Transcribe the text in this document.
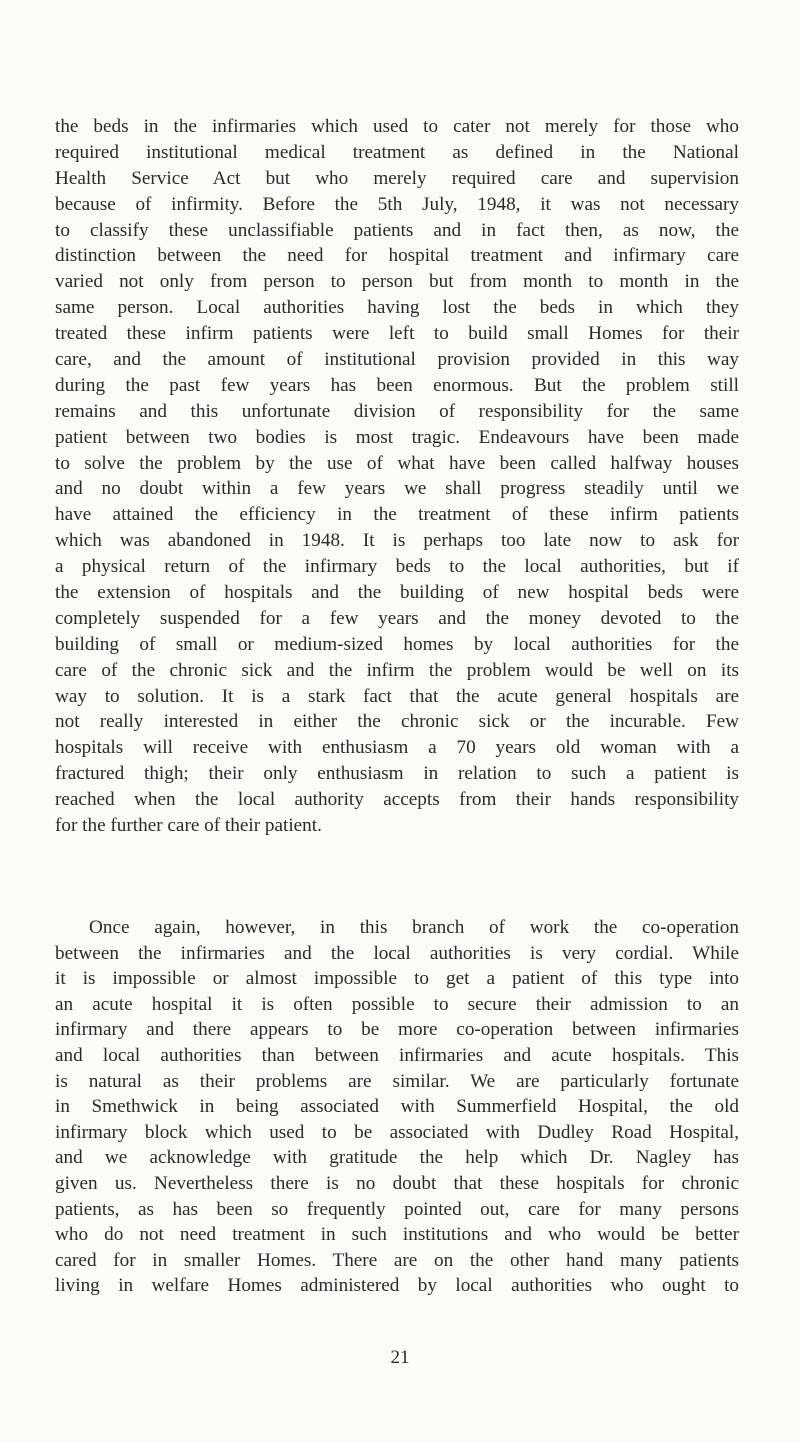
the beds in the infirmaries which used to cater not merely for those who
required institutional medical treatment as defined in the National
Health Service Act but who merely required care and supervision
because of infirmity. Before the 5th July, 1948, it was not necessary
to classify these unclassifiable patients and in fact then, as now, the
distinction between the need for hospital treatment and infirmary care
varied not only from person to person but from month to month in the
same person. Local authorities having lost the beds in which they
treated these infirm patients were left to build small Homes for their
care, and the amount of institutional provision provided in this way
during the past few years has been enormous. But the problem still
remains and this unfortunate division of responsibility for the same
patient between two bodies is most tragic. Endeavours have been made
to solve the problem by the use of what have been called halfway houses
and no doubt within a few years we shall progress steadily until we
have attained the efficiency in the treatment of these infirm patients
which was abandoned in 1948. It is perhaps too late now to ask for
a physical return of the infirmary beds to the local authorities, but if
the extension of hospitals and the building of new hospital beds were
completely suspended for a few years and the money devoted to the
building of small or medium-sized homes by local authorities for the
care of the chronic sick and the infirm the problem would be well on its
way to solution. It is a stark fact that the acute general hospitals are
not really interested in either the chronic sick or the incurable. Few
hospitals will receive with enthusiasm a 70 years old woman with a
fractured thigh; their only enthusiasm in relation to such a patient is
reached when the local authority accepts from their hands responsibility
for the further care of their patient.
Once again, however, in this branch of work the co-operation
between the infirmaries and the local authorities is very cordial. While
it is impossible or almost impossible to get a patient of this type into
an acute hospital it is often possible to secure their admission to an
infirmary and there appears to be more co-operation between infirmaries
and local authorities than between infirmaries and acute hospitals. This
is natural as their problems are similar. We are particularly fortunate
in Smethwick in being associated with Summerfield Hospital, the old
infirmary block which used to be associated with Dudley Road Hospital,
and we acknowledge with gratitude the help which Dr. Nagley has
given us. Nevertheless there is no doubt that these hospitals for chronic
patients, as has been so frequently pointed out, care for many persons
who do not need treatment in such institutions and who would be better
cared for in smaller Homes. There are on the other hand many patients
living in welfare Homes administered by local authorities who ought to
21
